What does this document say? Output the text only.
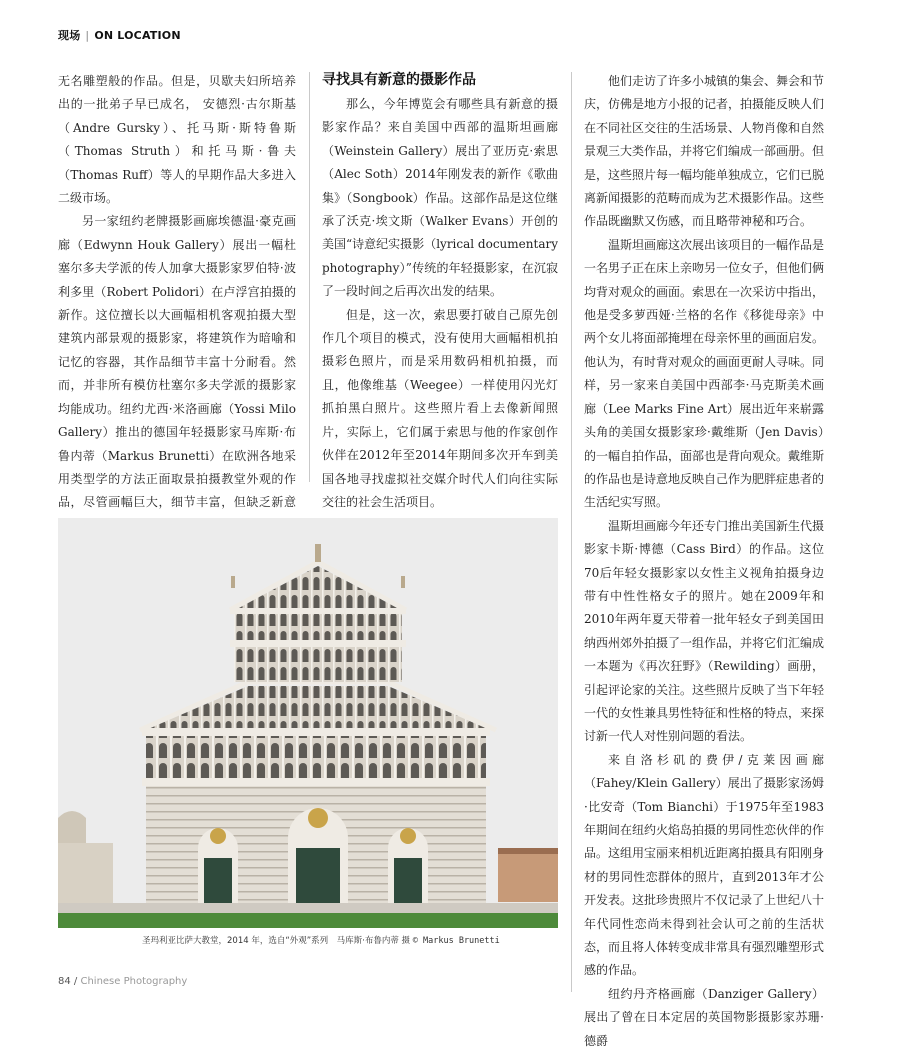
现场 | ON LOCATION

无名雕塑般的作品。但是，贝歇夫妇所培养出的一批弟子早已成名， 安德烈·古尔斯基（Andre Gursky）、托马斯·斯特鲁斯（Thomas Struth）和托马斯·鲁夫（Thomas Ruff）等人的早期作品大多进入二级市场。

另一家纽约老牌摄影画廊埃德温·豪克画廊（Edwynn Houk Gallery）展出一幅杜塞尔多夫学派的传人加拿大摄影家罗伯特·波利多里（Robert Polidori）在卢浮宫拍摄的新作。这位擅长以大画幅相机客观拍摄大型建筑内部景观的摄影家，将建筑作为暗喻和记忆的容器，其作品细节丰富十分耐看。然而，并非所有模仿杜塞尔多夫学派的摄影家均能成功。纽约尤西·米洛画廊（Yossi Milo Gallery）推出的德国年轻摄影家马库斯·布鲁内蒂（Markus Brunetti）在欧洲各地采用类型学的方法正面取景拍摄教堂外观的作品，尽管画幅巨大，细节丰富，但缺乏新意

寻找具有新意的摄影作品

那么，今年博览会有哪些具有新意的摄影家作品？来自美国中西部的温斯坦画廊（Weinstein Gallery）展出了亚历克·索思（Alec Soth）2014年刚发表的新作《歌曲集》（Songbook）作品。这部作品是这位继承了沃克·埃文斯（Walker Evans）开创的美国“诗意纪实摄影（lyrical documentary photography）”传统的年轻摄影家，在沉寂了一段时间之后再次出发的结果。

但是，这一次，索思要打破自己原先创作几个项目的模式，没有使用大画幅相机拍摄彩色照片，而是采用数码相机拍摄，而且，他像维基（Weegee）一样使用闪光灯抓拍黑白照片。这些照片看上去像新闻照片，实际上，它们属于索思与他的作家创作伙伴在2012年至2014年期间多次开车到美国各地寻找虚拟社交媒介时代人们向往实际交往的社会生活项目。

他们走访了许多小城镇的集会、舞会和节庆，仿佛是地方小报的记者，拍摄能反映人们在不同社区交往的生活场景、人物肖像和自然景观三大类作品，并将它们编成一部画册。但是，这些照片每一幅均能单独成立，它们已脱离新闻摄影的范畴而成为艺术摄影作品。这些作品既幽默又伤感，而且略带神秘和巧合。

温斯坦画廊这次展出该项目的一幅作品是一名男子正在床上亲吻另一位女子，但他们俩均背对观众的画面。索思在一次采访中指出，他是受多萝西娅·兰格的名作《移徙母亲》中两个女儿将面部掩埋在母亲怀里的画面启发。他认为，有时背对观众的画面更耐人寻味。同样，另一家来自美国中西部李·马克斯美术画廊（Lee Marks Fine Art）展出近年来崭露头角的美国女摄影家珍·戴维斯（Jen Davis）的一幅自拍作品，面部也是背向观众。戴维斯的作品也是诗意地反映自己作为肥胖症患者的生活纪实写照。

温斯坦画廊今年还专门推出美国新生代摄影家卡斯·博德（Cass Bird）的作品。这位70后年轻女摄影家以女性主义视角拍摄身边带有中性性格女子的照片。她在2009年和2010年两年夏天带着一批年轻女子到美国田纳西州郊外拍摄了一组作品，并将它们汇编成一本题为《再次狂野》（Rewilding）画册，引起评论家的关注。这些照片反映了当下年轻一代的女性兼具男性特征和性格的特点，来探讨新一代人对性别问题的看法。

来自洛杉矶的费伊/克莱因画廊（Fahey/Klein Gallery）展出了摄影家汤姆·比安奇（Tom Bianchi）于1975年至1983年期间在纽约火焰岛拍摄的男同性恋伙伴的作品。这组用宝丽来相机近距离拍摄具有阳刚身材的男同性恋群体的照片，直到2013年才公开发表。这批珍贵照片不仅记录了上世纪八十年代同性恋尚未得到社会认可之前的生活状态，而且将人体转变成非常具有强烈雕塑形式感的作品。

纽约丹齐格画廊（Danziger Gallery）展出了曾在日本定居的英国物影摄影家苏珊·德爵

圣玛利亚比萨大教堂，2014 年，选自“外观”系列　马库斯·布鲁内蒂 摄 © Markus Brunetti
84 / Chinese Photography
